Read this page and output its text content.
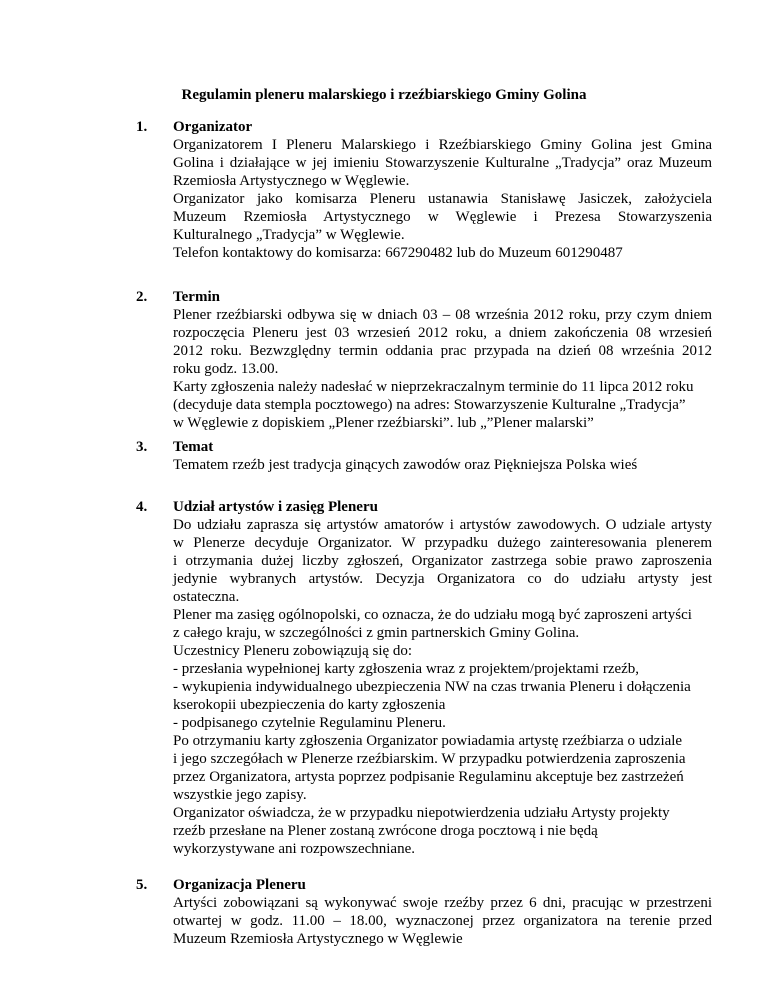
Regulamin pleneru malarskiego i rzeźbiarskiego Gminy Golina
1. Organizator
Organizatorem I Pleneru Malarskiego i Rzeźbiarskiego Gminy Golina jest Gmina
Golina i działające w jej imieniu Stowarzyszenie Kulturalne „Tradycja” oraz Muzeum
Rzemiosła Artystycznego w Węglewie.
Organizator jako komisarza Pleneru ustanawia Stanisławę Jasiczek, założyciela
Muzeum Rzemiosła Artystycznego w Węglewie i Prezesa Stowarzyszenia
Kulturalnego „Tradycja” w Węglewie.
Telefon kontaktowy do komisarza: 667290482 lub do Muzeum 601290487
2. Termin
Plener rzeźbiarski odbywa się w dniach 03 – 08 września 2012 roku, przy czym dniem
rozpoczęcia Pleneru jest 03 wrzesień 2012 roku, a dniem zakończenia 08 wrzesień
2012 roku. Bezwzględny termin oddania prac przypada na dzień 08 września 2012
roku godz. 13.00.
Karty zgłoszenia należy nadesłać w nieprzekraczalnym terminie do 11 lipca 2012 roku
(decyduje data stempla pocztowego) na adres: Stowarzyszenie Kulturalne „Tradycja”
w Węglewie z dopiskiem „Plener rzeźbiarski”. lub „”Plener malarski”
3. Temat
Tematem rzeźb jest tradycja ginących zawodów oraz Piękniejsza Polska wieś
4. Udział artystów i zasięg Pleneru
Do udziału zaprasza się artystów amatorów i artystów zawodowych. O udziale artysty
w Plenerze decyduje Organizator. W przypadku dużego zainteresowania plenerem
i otrzymania dużej liczby zgłoszeń, Organizator zastrzega sobie prawo zaproszenia
jedynie wybranych artystów. Decyzja Organizatora co do udziału artysty jest
ostateczna.
Plener ma zasięg ogólnopolski, co oznacza, że do udziału mogą być zaproszeni artyści
z całego kraju, w szczególności z gmin partnerskich Gminy Golina.
Uczestnicy Pleneru zobowiązują się do:
- przesłania wypełnionej karty zgłoszenia wraz z projektem/projektami rzeźb,
- wykupienia indywidualnego ubezpieczenia NW na czas trwania Pleneru i dołączenia
kserokopii ubezpieczenia do karty zgłoszenia
- podpisanego czytelnie Regulaminu Pleneru.
Po otrzymaniu karty zgłoszenia Organizator powiadamia artystę rzeźbiarza o udziale
i jego szczegółach w Plenerze rzeźbiarskim. W przypadku potwierdzenia zaproszenia
przez Organizatora, artysta poprzez podpisanie Regulaminu akceptuje bez zastrzeżeń
wszystkie jego zapisy.
Organizator oświadcza, że w przypadku niepotwierdzenia udziału Artysty projekty
rzeźb przesłane na Plener zostaną zwrócone droga pocztową i nie będą
wykorzystywane ani rozpowszechniane.
5. Organizacja Pleneru
Artyści zobowiązani są wykonywać swoje rzeźby przez 6 dni, pracując w przestrzeni
otwartej w godz. 11.00 – 18.00, wyznaczonej przez organizatora na terenie przed
Muzeum Rzemiosła Artystycznego w Węglewie
